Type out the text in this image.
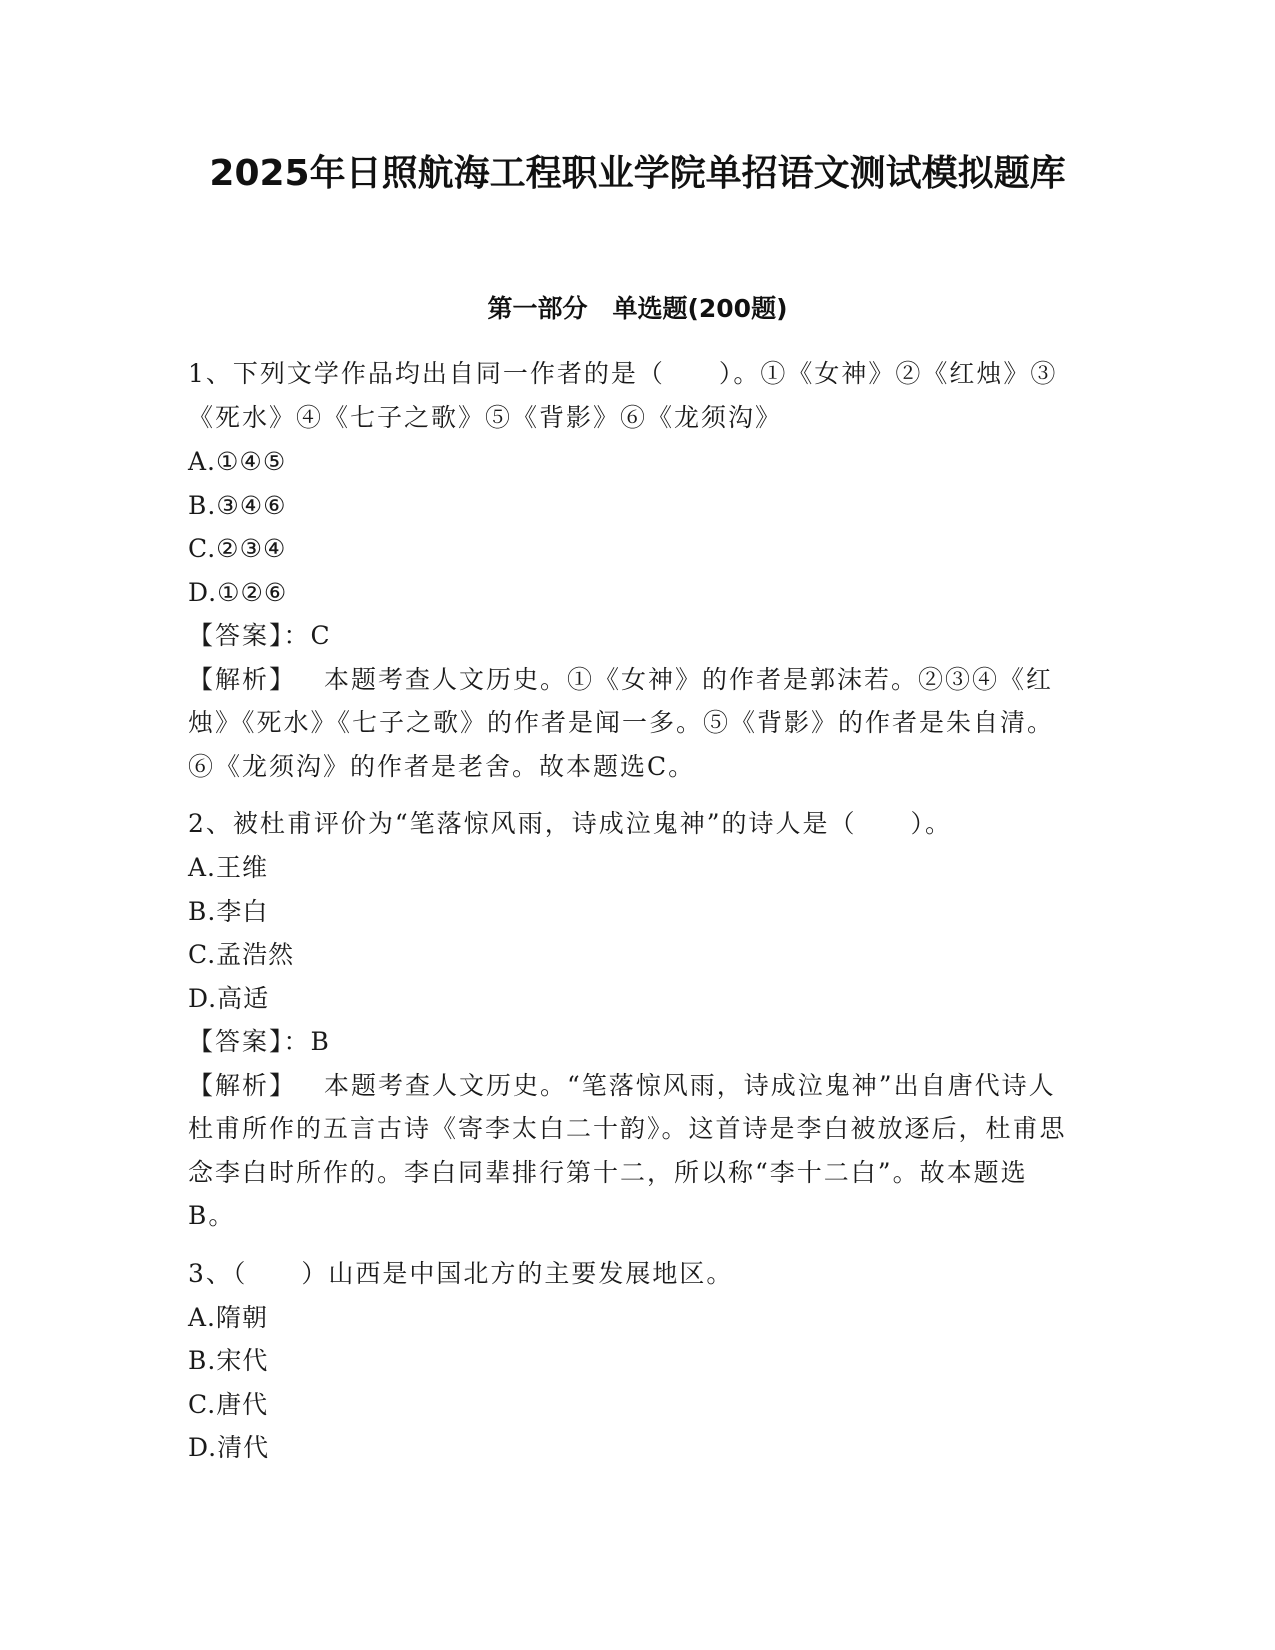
2025年日照航海工程职业学院单招语文测试模拟题库
第一部分　单选题(200题)

1、下列文学作品均出自同一作者的是（　　）。①《女神》②《红烛》③《死水》④《七子之歌》⑤《背影》⑥《龙须沟》

A.①④⑤

B.③④⑥

C.②③④

D.①②⑥

【答案】：C

【解析】 本题考查人文历史。①《女神》的作者是郭沫若。②③④《红烛》《死水》《七子之歌》的作者是闻一多。⑤《背影》的作者是朱自清。⑥《龙须沟》的作者是老舍。故本题选C。

2、被杜甫评价为“笔落惊风雨，诗成泣鬼神”的诗人是（　　）。

A.王维

B.李白

C.孟浩然

D.高适

【答案】：B

【解析】 本题考查人文历史。“笔落惊风雨，诗成泣鬼神”出自唐代诗人杜甫所作的五言古诗《寄李太白二十韵》。这首诗是李白被放逐后，杜甫思念李白时所作的。李白同辈排行第十二，所以称“李十二白”。故本题选B。

3、（　　）山西是中国北方的主要发展地区。

A.隋朝

B.宋代

C.唐代

D.清代
